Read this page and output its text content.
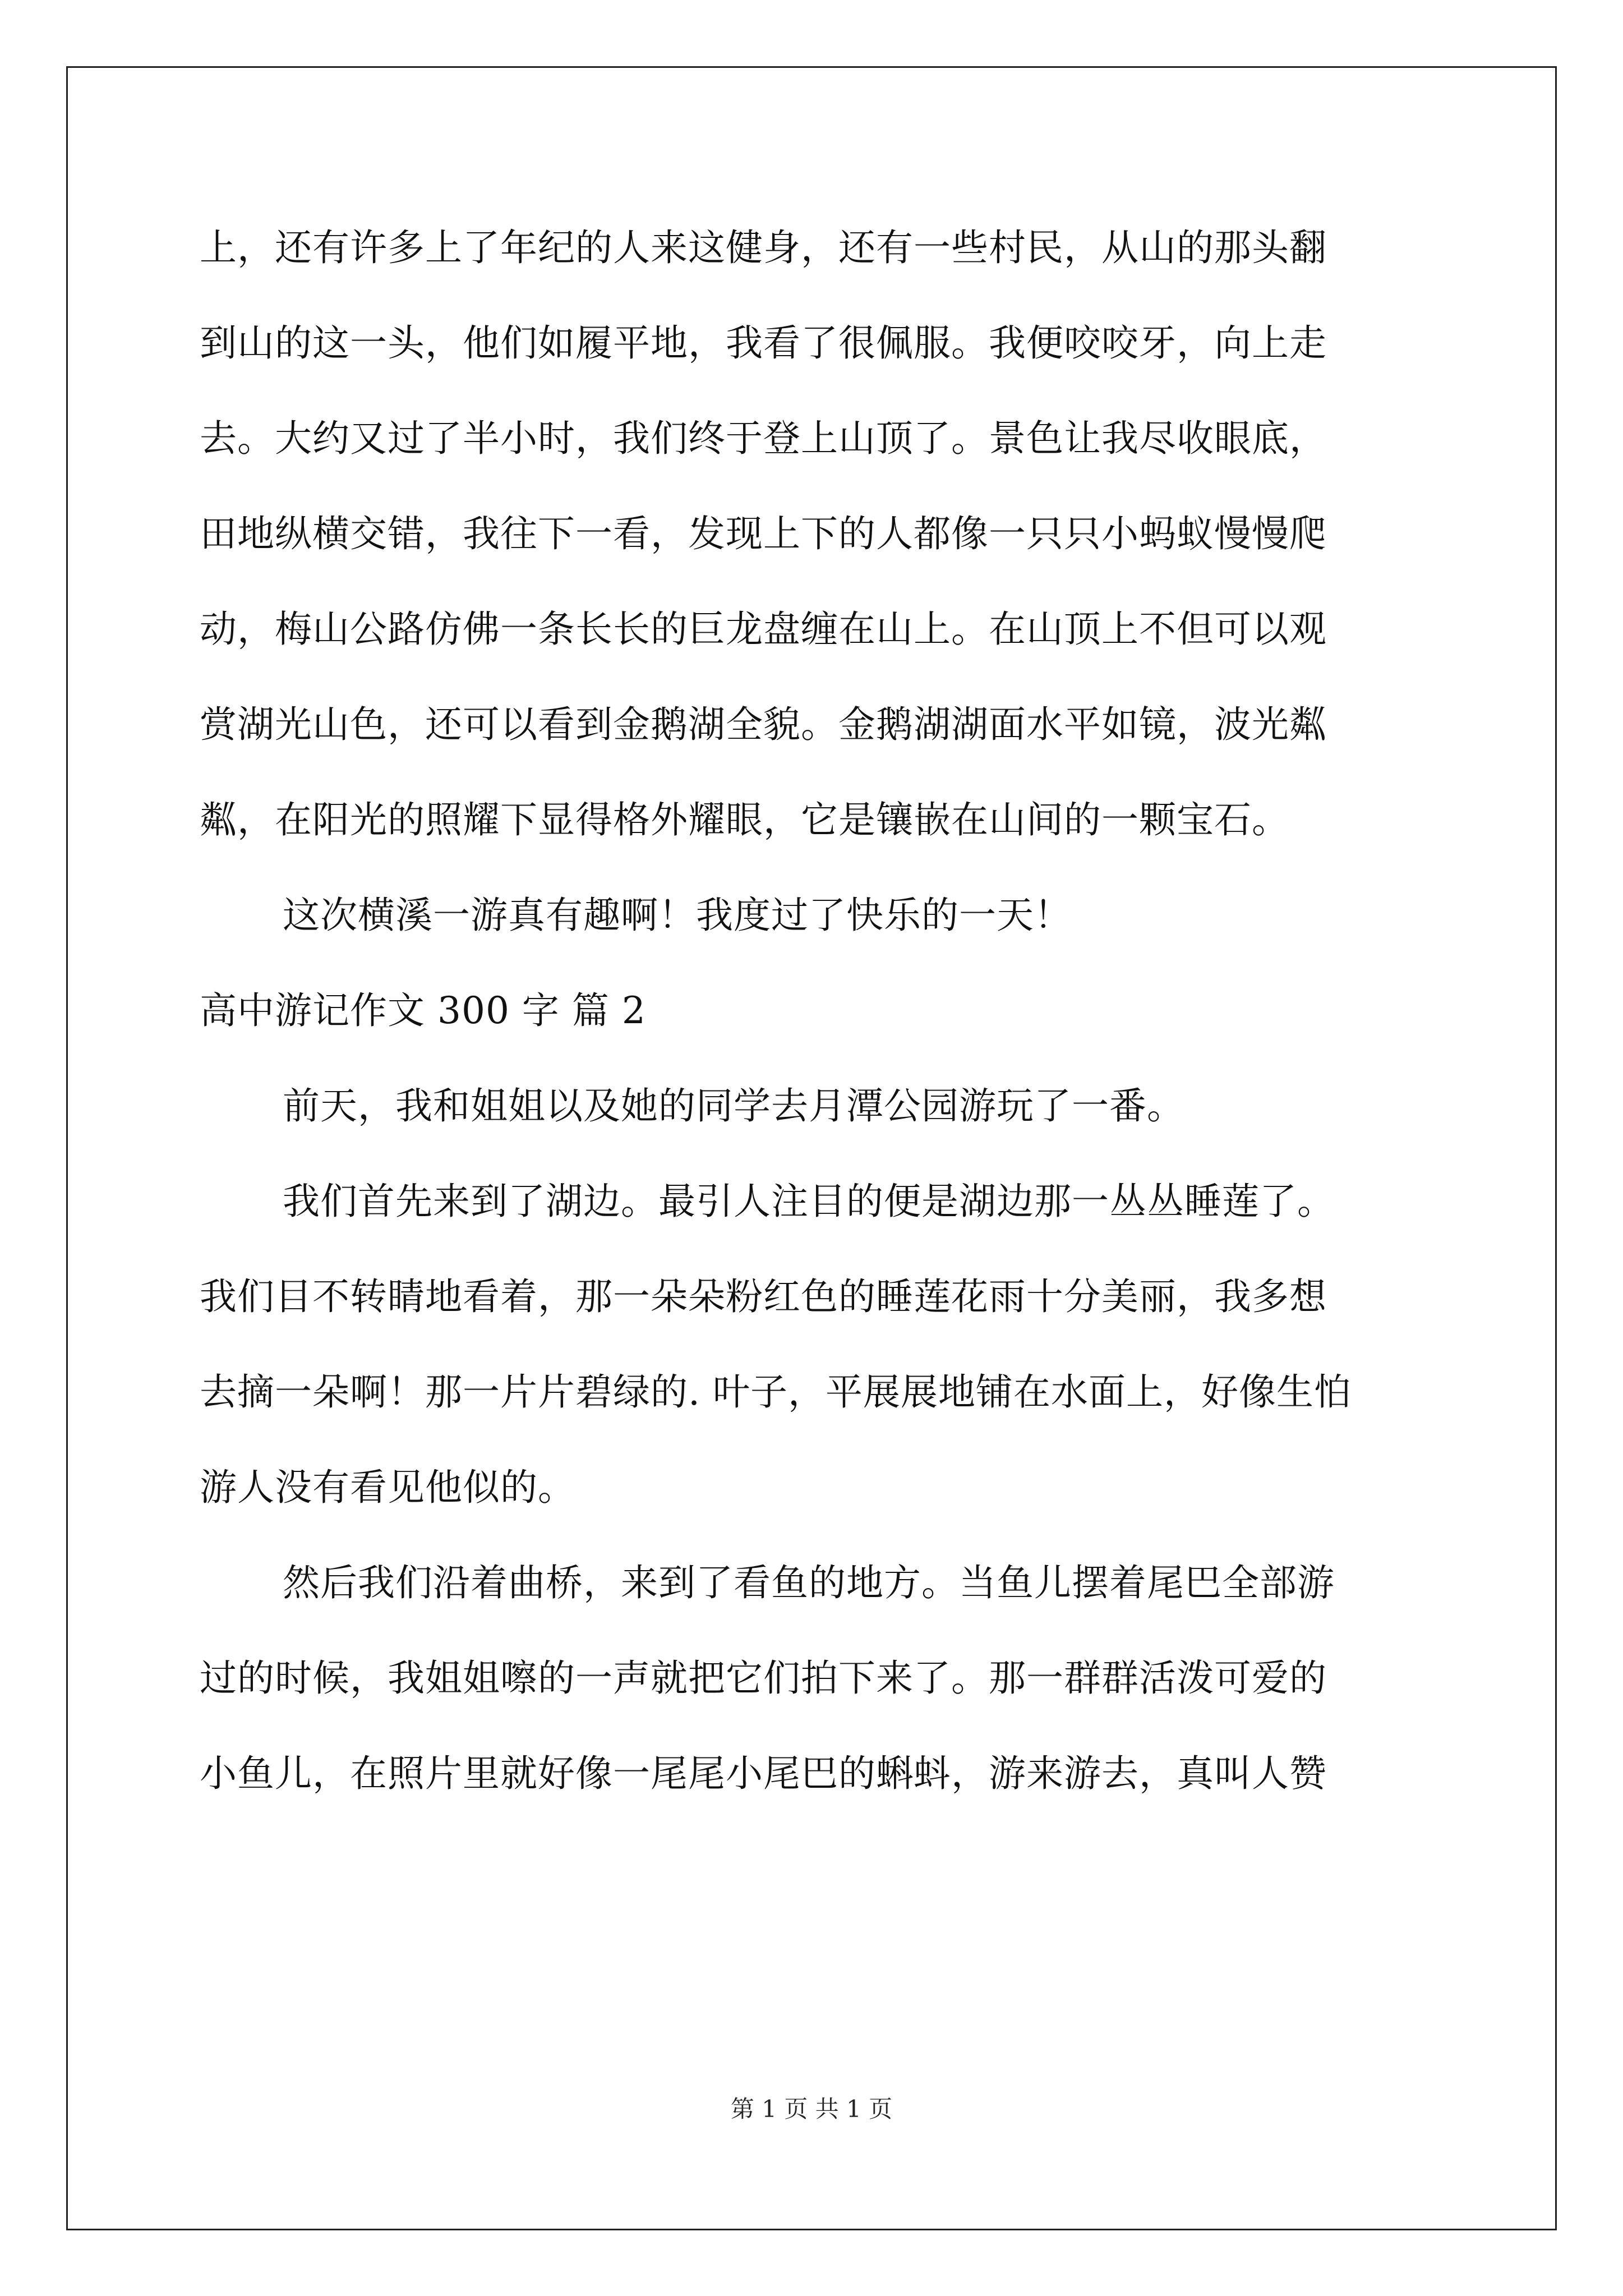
上，还有许多上了年纪的人来这健身，还有一些村民，从山的那头翻
到山的这一头，他们如履平地，我看了很佩服。我便咬咬牙，向上走
去。大约又过了半小时，我们终于登上山顶了。景色让我尽收眼底，
田地纵横交错，我往下一看，发现上下的人都像一只只小蚂蚁慢慢爬
动，梅山公路仿佛一条长长的巨龙盘缠在山上。在山顶上不但可以观
赏湖光山色，还可以看到金鹅湖全貌。金鹅湖湖面水平如镜，波光粼
粼，在阳光的照耀下显得格外耀眼，它是镶嵌在山间的一颗宝石。
这次横溪一游真有趣啊！我度过了快乐的一天！
高中游记作文 300 字 篇 2
前天，我和姐姐以及她的同学去月潭公园游玩了一番。
我们首先来到了湖边。最引人注目的便是湖边那一丛丛睡莲了。
我们目不转睛地看着，那一朵朵粉红色的睡莲花雨十分美丽，我多想
去摘一朵啊！那一片片碧绿的. 叶子，平展展地铺在水面上，好像生怕
游人没有看见他似的。
然后我们沿着曲桥，来到了看鱼的地方。当鱼儿摆着尾巴全部游
过的时候，我姐姐嚓的一声就把它们拍下来了。那一群群活泼可爱的
小鱼儿，在照片里就好像一尾尾小尾巴的蝌蚪，游来游去，真叫人赞
第 1 页 共 1 页
